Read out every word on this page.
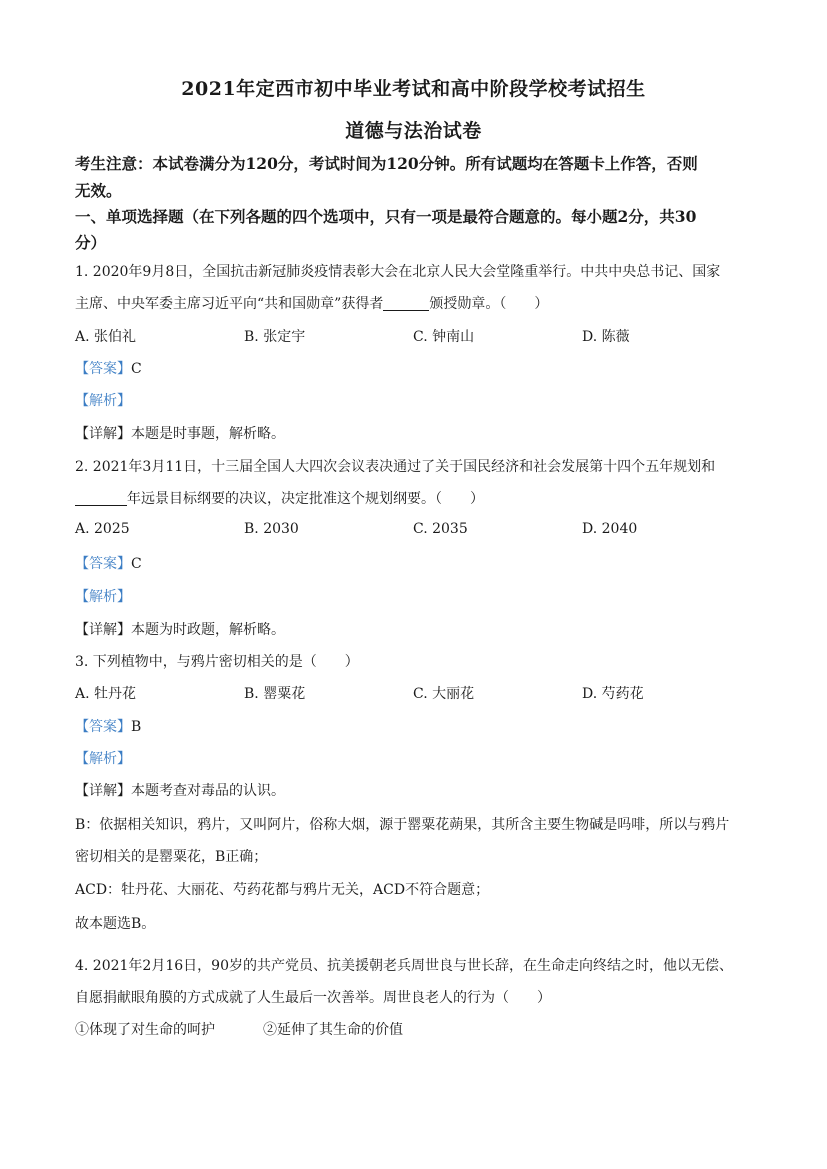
2021年定西市初中毕业考试和高中阶段学校考试招生
道德与法治试卷
考生注意：本试卷满分为120分，考试时间为120分钟。所有试题均在答题卡上作答，否则
无效。
一、单项选择题（在下列各题的四个选项中，只有一项是最符合题意的。每小题2分，共30
分）
1. 2020年9月8日，全国抗击新冠肺炎疫情表彰大会在北京人民大会堂隆重举行。中共中央总书记、国家
主席、中央军委主席习近平向“共和国勋章”获得者	颁授勋章。（　　）
A. 张伯礼	B. 张定宇	C. 钟南山	D. 陈薇
【答案】C
【解析】
【详解】本题是时事题，解析略。
2. 2021年3月11日，十三届全国人大四次会议表决通过了关于国民经济和社会发展第十四个五年规划和
年远景目标纲要的决议，决定批准这个规划纲要。（　　）
A. 2025	B. 2030	C. 2035	D. 2040
【答案】C
【解析】
【详解】本题为时政题，解析略。
3. 下列植物中，与鸦片密切相关的是（　　）
A. 牡丹花	B. 罂粟花	C. 大丽花	D. 芍药花
【答案】B
【解析】
【详解】本题考查对毒品的认识。
B：依据相关知识，鸦片，又叫阿片，俗称大烟，源于罂粟花蒴果，其所含主要生物碱是吗啡，所以与鸦片
密切相关的是罂粟花，B正确；
ACD：牡丹花、大丽花、芍药花都与鸦片无关，ACD不符合题意；
故本题选B。
4. 2021年2月16日，90岁的共产党员、抗美援朝老兵周世良与世长辞，在生命走向终结之时，他以无偿、
自愿捐献眼角膜的方式成就了人生最后一次善举。周世良老人的行为（　　）
①体现了对生命的呵护	②延伸了其生命的价值
